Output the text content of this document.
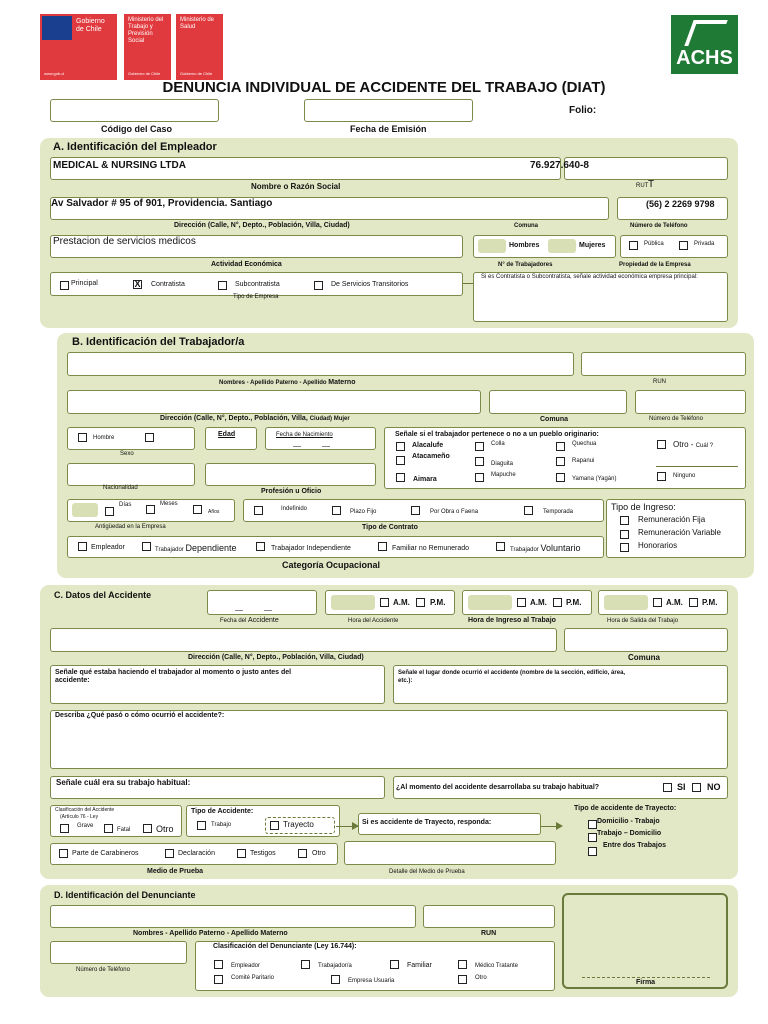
Gobierno
de Chile
www.gob.cl
Ministerio del
Trabajo y
Previsión
Social
Gobierno de Chile
Ministerio de
Salud
Gobierno de Chile
ACHS
DENUNCIA INDIVIDUAL DE ACCIDENTE DEL TRABAJO (DIAT)
Folio:
Código del Caso	Fecha de Emisión
A. Identificación del Empleador
MEDICAL & NURSING LTDA	76.927.640-8
Nombre o Razón Social	RUT T
Av Salvador # 95 of 901, Providencia. Santiago	(56) 2 2269 9798
Dirección (Calle, N°, Depto., Población, Villa, Ciudad)	Comuna	Número de Teléfono
Prestacion de servicios medicos	Hombres	Mujeres	Pública	Privada
Actividad Económica	N° de Trabajadores	Propiedad de la Empresa
Principal	X Contratista	Subcontratista	De Servicios Transitorios
Tipo de Empresa
Si es Contratista o Subcontratista, señale actividad económica empresa principal:
B. Identificación del Trabajador/a
Nombres - Apellido Paterno - Apellido Materno	RUN
Dirección (Calle, N°, Depto., Población, Villa, Ciudad) Mujer	Comuna	Número de Teléfono
Hombre
Sexo
Edad	Fecha de Nacimiento	Señale si el trabajador pertenece o no a un pueblo originario:
Alacalufe
Atacameño
Aimara
Colla
Diaguita
Mapuche
Quechua
Rapanui
Yamana (Yagán)
Otro - Cuál ?
Ninguno
Nacionalidad	Profesión u Oficio
Días	Meses
Años
Antigüedad en la Empresa
Indefinido	Plazo Fijo	Por Obra o Faena	Temporada
Tipo de Contrato
Empleador	Trabajador Dependiente	Trabajador Independiente	Familiar no Remunerado	Trabajador Voluntario
Categoría Ocupacional
Tipo de Ingreso:
Remuneración Fija
Remuneración Variable
Honorarios
C. Datos del Accidente
A.M.	P.M.	A.M. P.M.	A.M. P.M.
Fecha del Accidente	Hora del Accidente	Hora de Ingreso al Trabajo	Hora de Salida del Trabajo
Dirección (Calle, N°, Depto., Población, Villa, Ciudad)	Comuna
Señale qué estaba haciendo el trabajador al momento o justo antes del accidente:
Señale el lugar donde ocurrió el accidente (nombre de la sección, edificio, área, etc.):
Describa ¿Qué pasó o cómo ocurrió el accidente?:
Señale cuál era su trabajo habitual:
¿Al momento del accidente desarrollaba su trabajo habitual?	SI NO
Clasificación del Accidente
(Artículo 76 - Ley
Grave
Fatal	Otro
Tipo de Accidente:
Trabajo	Trayecto	Si es accidente de Trayecto, responda:
Tipo de accidente de Trayecto:
Domicilio - Trabajo
Trabajo – Domicilio
Entre dos Trabajos
Parte de Carabineros	Declaración	Testigos	Otro
Medio de Prueba	Detalle del Medio de Prueba
D. Identificación del Denunciante
Nombres - Apellido Paterno - Apellido Materno	RUN
Número de Teléfono
Clasificación del Denunciante (Ley 16.744):
Empleador	Trabajador/a	Familiar	Médico Tratante
Comité Paritario	Empresa Usuaria	Otro
Firma
